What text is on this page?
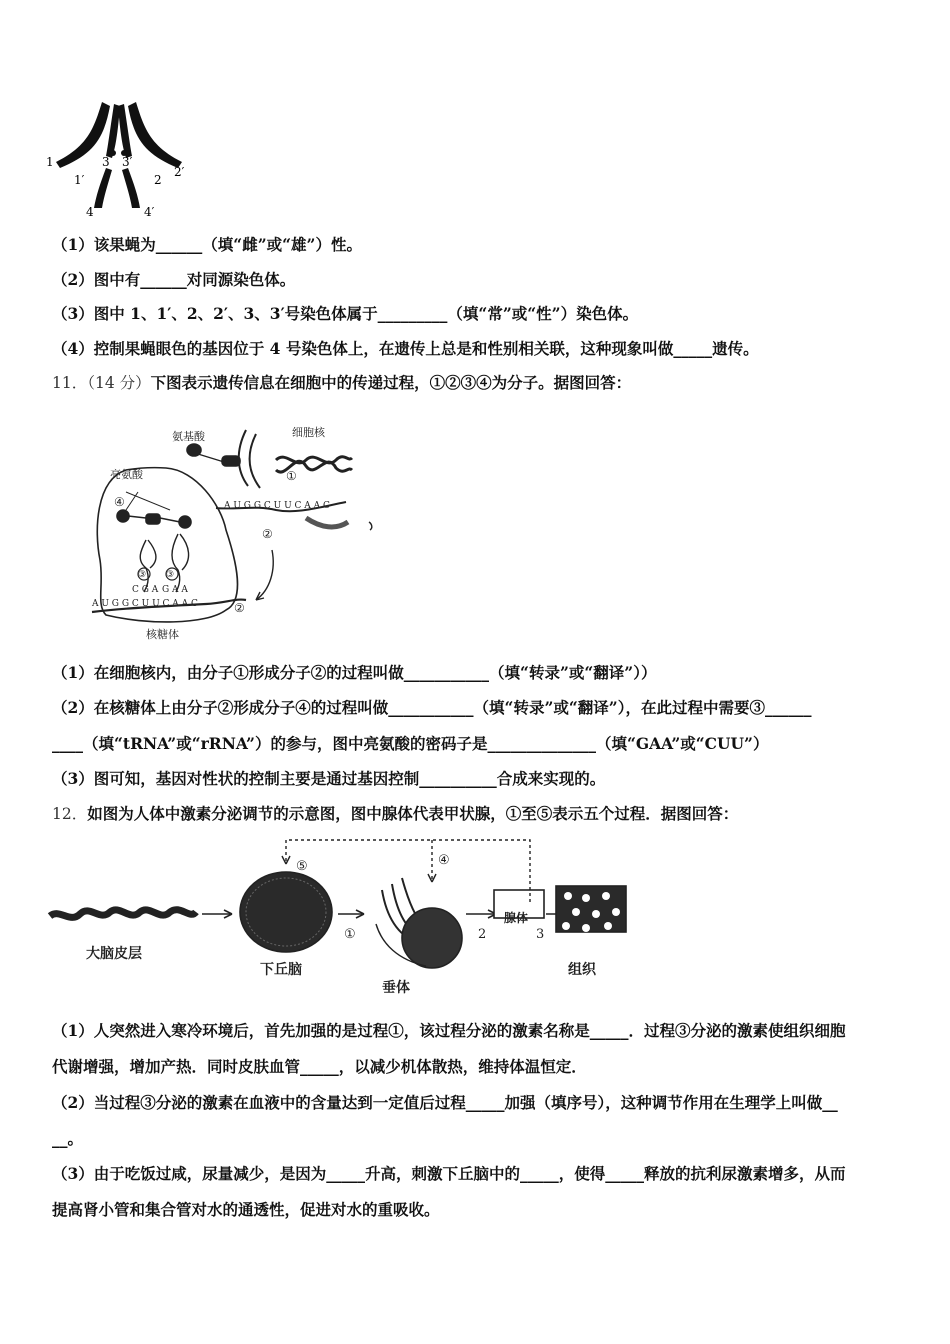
1
1′
3 3′
2
2′
4	4′
（1）该果蝇为______（填“雌”或“雄”）性。
（2）图中有______对同源染色体。
（3）图中 1、1′、2、2′、3、3′号染色体属于_________（填“常”或“性”）染色体。
（4）控制果蝇眼色的基因位于 4 号染色体上，在遗传上总是和性别相关联，这种现象叫做_____遗传。
11．（14 分）下图表示遗传信息在细胞中的传递过程，①②③④为分子。据图回答：
氨基酸	细胞核
①
亮氨酸
④	A U G G C U U C A A C
②
③ ③
C G A G A A
A U G G C U U C A A C	②
核糖体
（1）在细胞核内，由分子①形成分子②的过程叫做___________（填“转录”或“翻译”））
（2）在核糖体上由分子②形成分子④的过程叫做___________（填“转录”或“翻译”），在此过程中需要③______
____（填“tRNA”或“rRNA”）的参与，图中亮氨酸的密码子是______________（填“GAA”或“CUU”）
（3）图可知，基因对性状的控制主要是通过基因控制__________合成来实现的。
12．如图为人体中激素分泌调节的示意图，图中腺体代表甲状腺，①至⑤表示五个过程．据图回答：
⑤	④
①	2	3
腺体
大脑皮层
下丘脑
垂体
组织
（1）人突然进入寒冷环境后，首先加强的是过程①，该过程分泌的激素名称是_____．过程③分泌的激素使组织细胞
代谢增强，增加产热．同时皮肤血管_____，以减少机体散热，维持体温恒定．
（2）当过程③分泌的激素在血液中的含量达到一定值后过程_____加强（填序号），这种调节作用在生理学上叫做__
__。
（3）由于吃饭过咸，尿量减少，是因为_____升高，刺激下丘脑中的_____，使得_____释放的抗利尿激素增多，从而
提高肾小管和集合管对水的通透性，促进对水的重吸收。
